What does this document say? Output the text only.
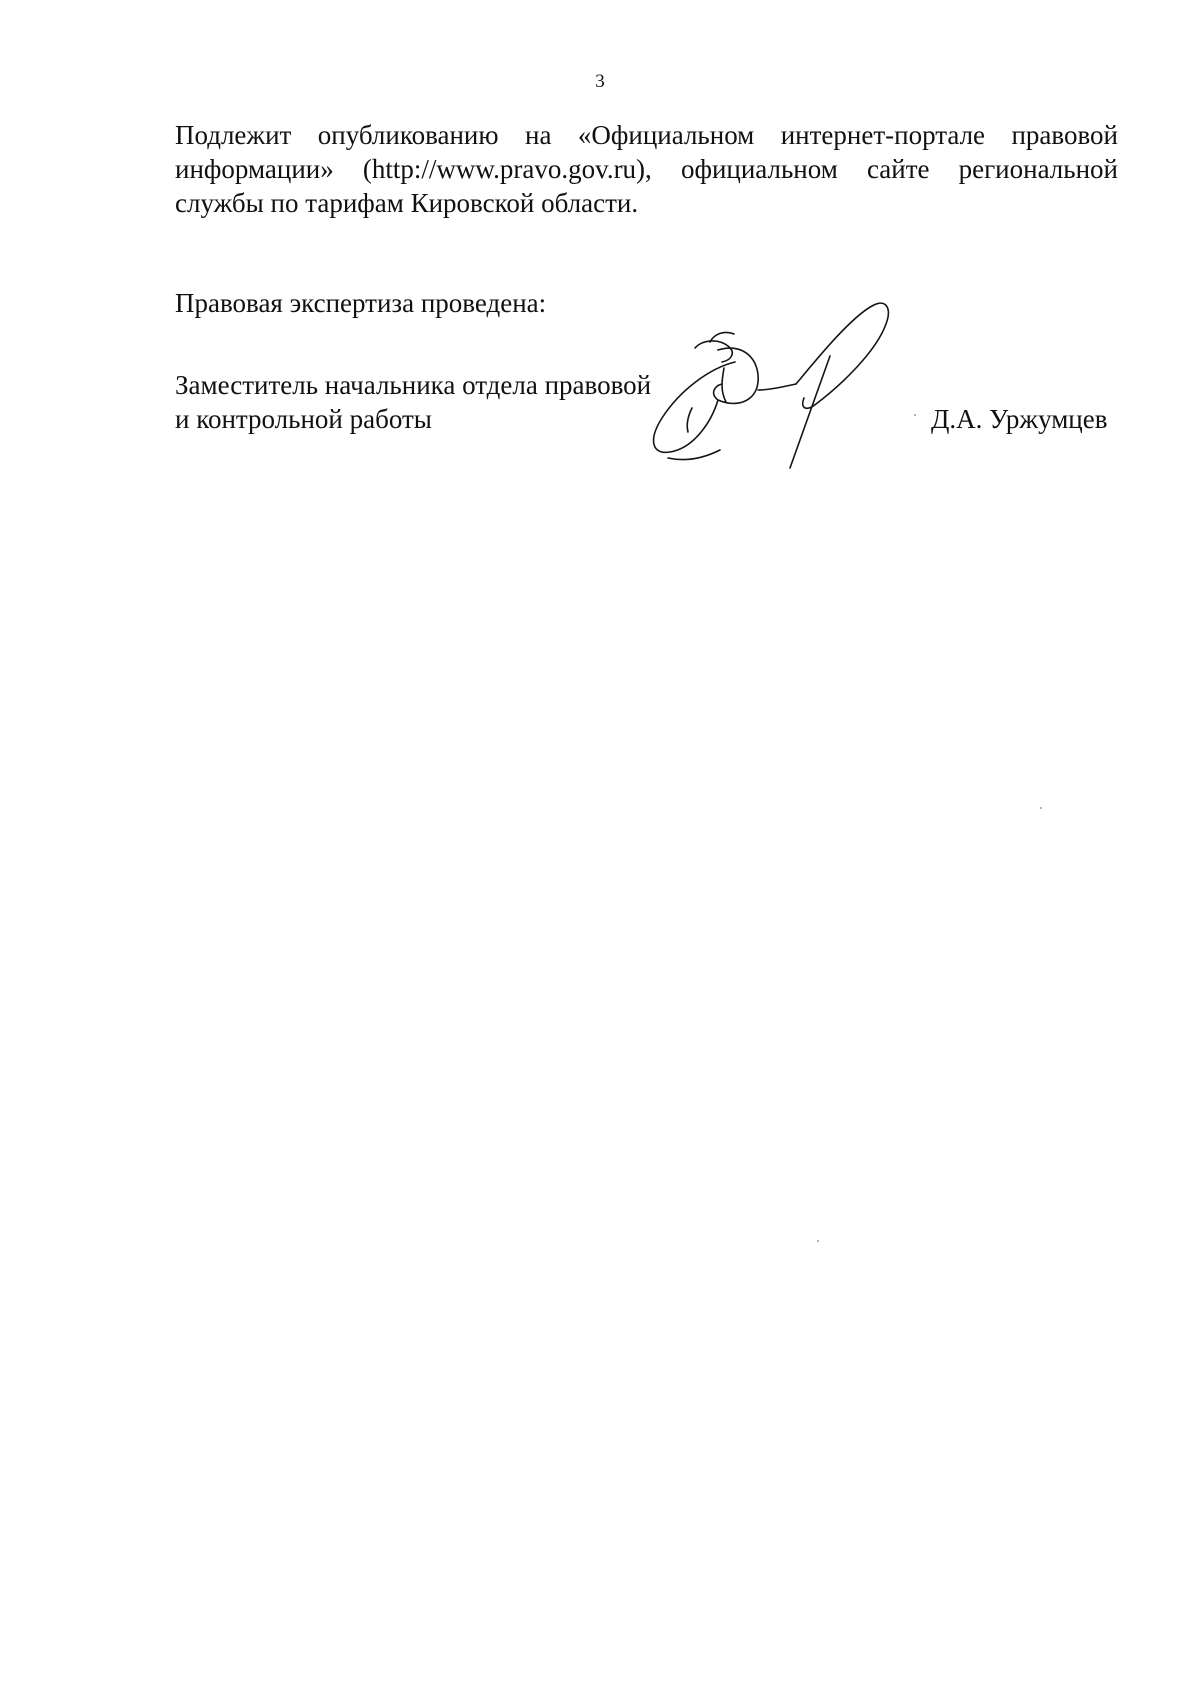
3

Подлежит опубликованию на «Официальном интернет-портале правовой информации» (http://www.pravo.gov.ru), официальном сайте региональной службы по тарифам Кировской области.

Правовая экспертиза проведена:
Заместитель начальника отдела правовой
и контрольной работы	Д.А. Уржумцев
